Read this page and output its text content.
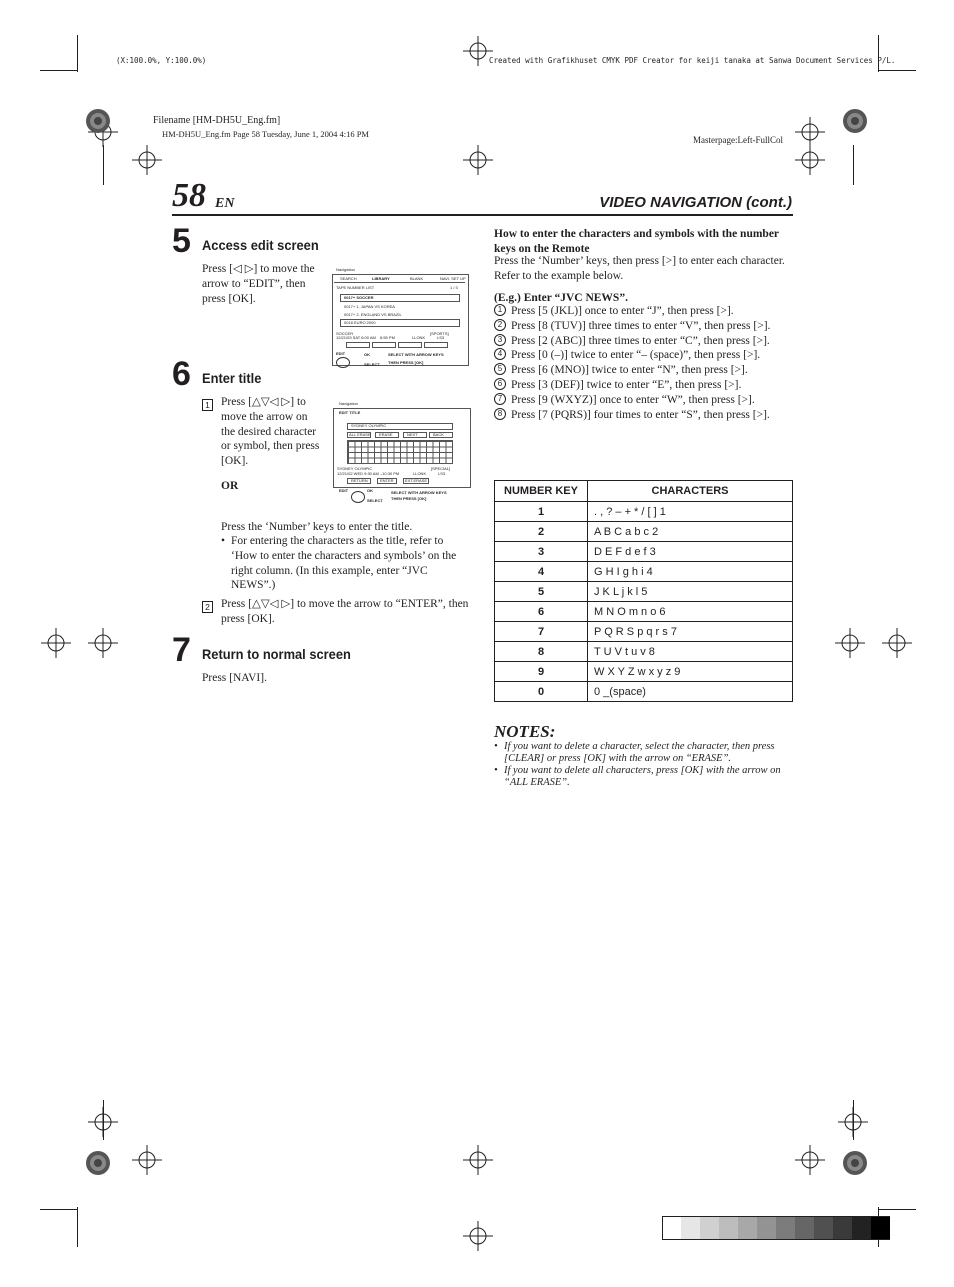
(X:100.0%, Y:100.0%)	Created with Grafikhuset CMYK PDF Creator for keiji tanaka at Sanwa Document Services P/L.
Filename [HM-DH5U_Eng.fm]
HM-DH5U_Eng.fm Page 58 Tuesday, June 1, 2004 4:16 PM
Masterpage:Left-FullCol
58 EN	VIDEO NAVIGATION (cont.)
5 Access edit screen
Press [◁ ▷] to move the arrow to “EDIT”, then press [OK].
Navigation
SEARCH	LIBRARY	BLANK	NAVI. SET UP
TAPE NUMBER LIST	1 / 3
0017+ SOCCER
0017+ 1. JAPAN VS KOREA
0017+ 2. ENGLAND VS BRAZIL
0018 EURO 2000
SOCCER
12/21/03 SAT 6:00 AM 6:55 PM	LLONK
[SPORTS]
LS3
EDIT	OK
SELECT
SELECT WITH ARROW KEYS
THEN PRESS [OK]
6 Enter title
1 Press [△▽◁ ▷] to move the arrow on the desired character or symbol, then press [OK].
OR
Navigation
EDIT TITLE
SYDNEY OLYMPIC
ALL ERASE ERASE	NEXT	BACK
SYDNEY OLYMPIC
12/21/02 WED 9:30 AM –10:30 PM	LLONK
[SPECIAL]
LS3
RETURN	ENTER	EXT.ERASE
EDIT	OK
SELECT
SELECT WITH ARROW KEYS
THEN PRESS [OK]
Press the ‘Number’ keys to enter the title.
• For entering the characters as the title, refer to ‘How to enter the characters and symbols’ on the right column. (In this example, enter “JVC NEWS”.)
2 Press [△▽◁ ▷] to move the arrow to “ENTER”, then press [OK].
7 Return to normal screen
Press [NAVI].
How to enter the characters and symbols with the number keys on the Remote
Press the ‘Number’ keys, then press [>] to enter each character. Refer to the example below.
(E.g.) Enter “JVC NEWS”.
1 Press [5 (JKL)] once to enter “J”, then press [>].
2 Press [8 (TUV)] three times to enter “V”, then press [>].
3 Press [2 (ABC)] three times to enter “C”, then press [>].
4 Press [0 (–)] twice to enter “– (space)”, then press [>].
5 Press [6 (MNO)] twice to enter “N”, then press [>].
6 Press [3 (DEF)] twice to enter “E”, then press [>].
7 Press [9 (WXYZ)] once to enter “W”, then press [>].
8 Press [7 (PQRS)] four times to enter “S”, then press [>].
NUMBER KEY	CHARACTERS
1	. , ? – + * / [ ] 1
2	A B C a b c 2
3	D E F d e f 3
4	G H I g h i 4
5	J K L j k l 5
6	M N O m n o 6
7	P Q R S p q r s 7
8	T U V t u v 8
9	W X Y Z w x y z 9
0	0 _(space)
NOTES:
• If you want to delete a character, select the character, then press [CLEAR] or press [OK] with the arrow on “ERASE”.
• If you want to delete all characters, press [OK] with the arrow on “ALL ERASE”.
